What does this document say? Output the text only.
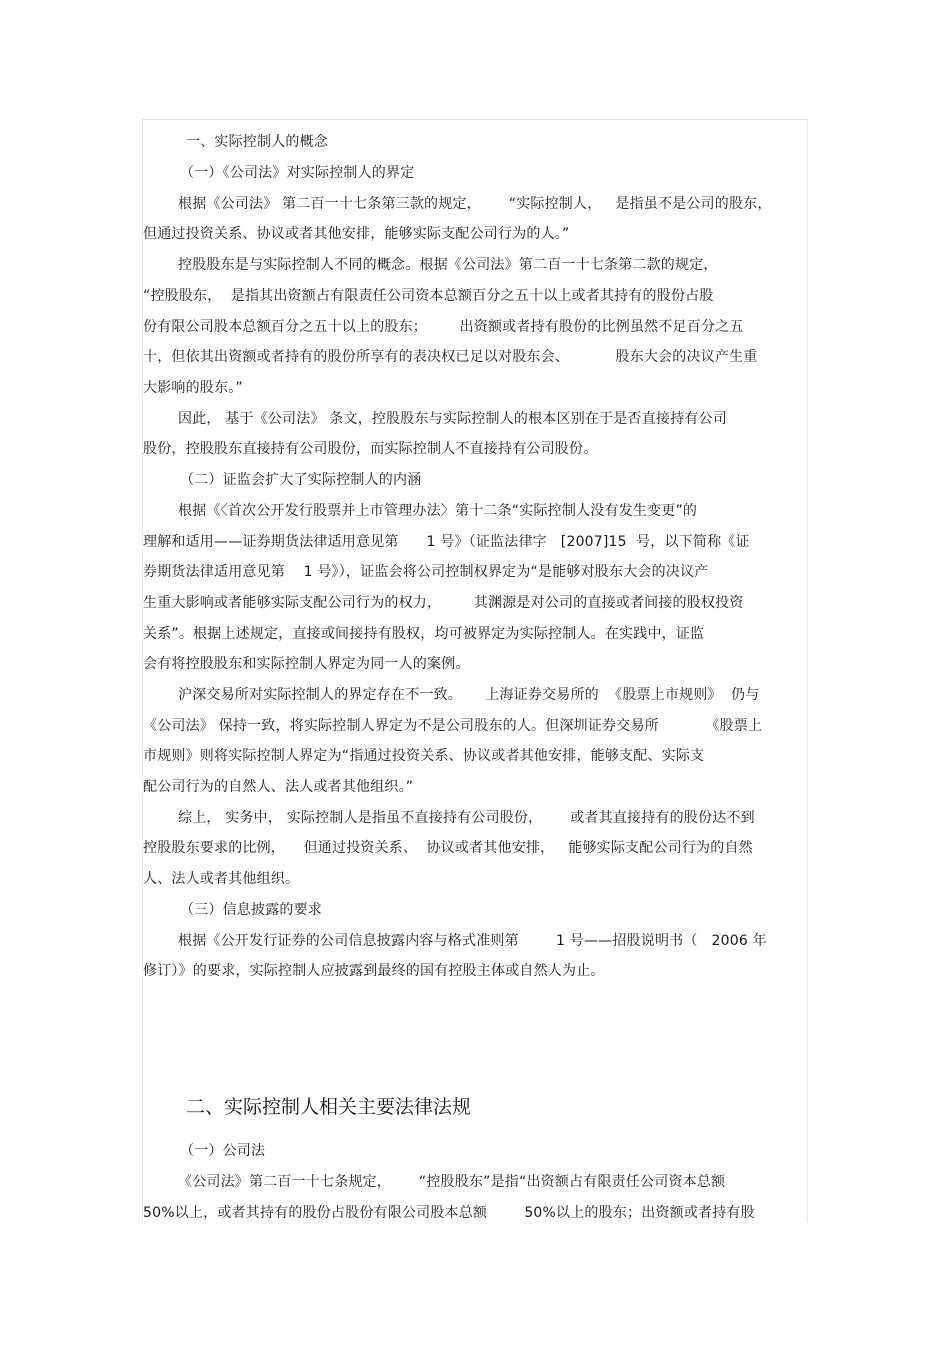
一、实际控制人的概念
（一）《公司法》对实际控制人的界定
根据《公司法》 第二百一十七条第三款的规定，      “实际控制人，   是指虽不是公司的股东，
但通过投资关系、协议或者其他安排，能够实际支配公司行为的人。”
控股股东是与实际控制人不同的概念。根据《公司法》第二百一十七条第二款的规定，
“控股股东，  是指其出资额占有限责任公司资本总额百分之五十以上或者其持有的股份占股
份有限公司股本总额百分之五十以上的股东；       出资额或者持有股份的比例虽然不足百分之五
十，但依其出资额或者持有的股份所享有的表决权已足以对股东会、          股东大会的决议产生重
大影响的股东。”
因此， 基于《公司法》 条文，控股股东与实际控制人的根本区别在于是否直接持有公司
股份，控股股东直接持有公司股份，而实际控制人不直接持有公司股份。
（二）证监会扩大了实际控制人的内涵
根据《〈首次公开发行股票并上市管理办法〉第十二条“实际控制人没有发生变更”的
理解和适用——证券期货法律适用意见第      1 号》（证监法律字   [2007]15  号，以下简称《证
券期货法律适用意见第    1 号》），证监会将公司控制权界定为“是能够对股东大会的决议产
生重大影响或者能够实际支配公司行为的权力，       其渊源是对公司的直接或者间接的股权投资
关系”。根据上述规定，直接或间接持有股权，均可被界定为实际控制人。在实践中，证监
会有将控股股东和实际控制人界定为同一人的案例。
沪深交易所对实际控制人的界定存在不一致。     上海证券交易所的  《股票上市规则》  仍与
《公司法》 保持一致，将实际控制人界定为不是公司股东的人。但深圳证券交易所          《股票上
市规则》则将实际控制人界定为“指通过投资关系、协议或者其他安排，能够支配、实际支
配公司行为的自然人、法人或者其他组织。”
综上， 实务中， 实际控制人是指虽不直接持有公司股份，      或者其直接持有的股份达不到
控股股东要求的比例，    但通过投资关系、  协议或者其他安排，   能够实际支配公司行为的自然
人、法人或者其他组织。
（三）信息披露的要求
根据《公开发行证券的公司信息披露内容与格式准则第        1 号——招股说明书（   2006 年
修订）》的要求，实际控制人应披露到最终的国有控股主体或自然人为止。
二、实际控制人相关主要法律法规
（一）公司法
《公司法》第二百一十七条规定，      “控股股东”是指“出资额占有限责任公司资本总额
50%以上，或者其持有的股份占股份有限公司股本总额        50%以上的股东；出资额或者持有股
